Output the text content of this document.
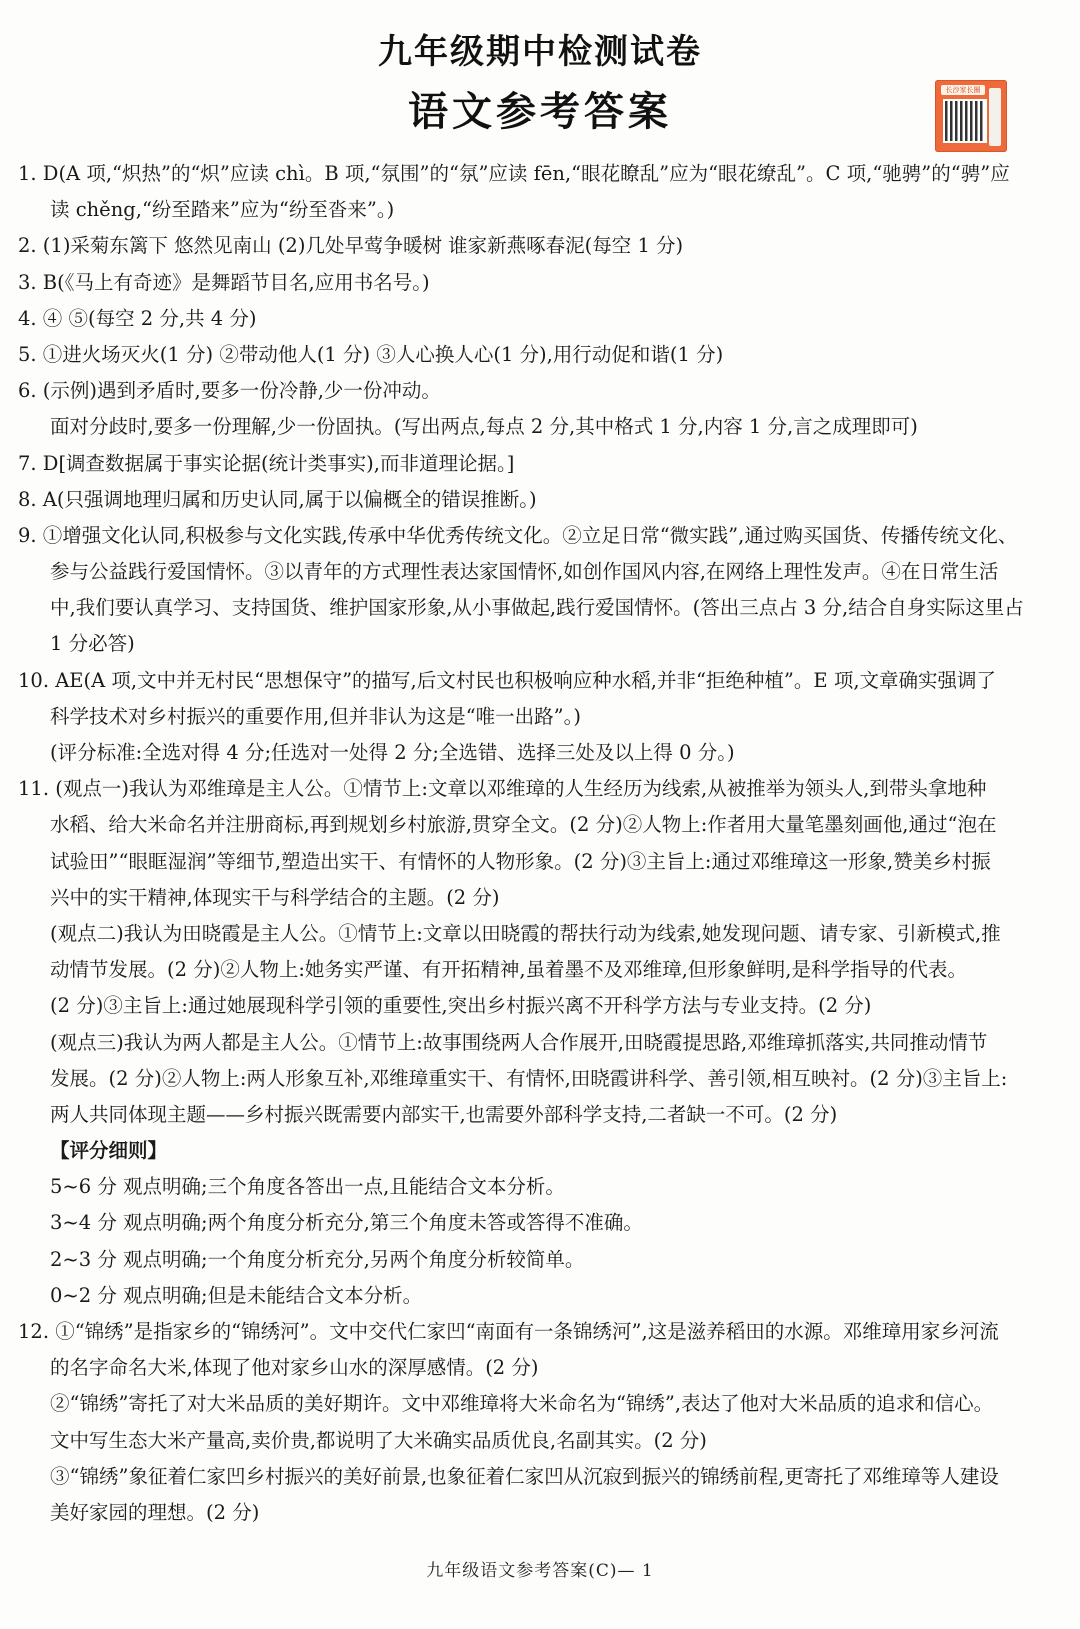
九年级期中检测试卷
语文参考答案	长沙家长圈
1. D(A 项,“炽热”的“炽”应读 chì。B 项,“氛围”的“氛”应读 fēn,“眼花瞭乱”应为“眼花缭乱”。C 项,“驰骋”的“骋”应
读 chěng,“纷至踏来”应为“纷至沓来”。)
2. (1)采菊东篱下 悠然见南山 (2)几处早莺争暖树 谁家新燕啄春泥(每空 1 分)
3. B(《马上有奇迹》是舞蹈节目名,应用书名号。)
4. ④ ⑤(每空 2 分,共 4 分)
5. ①进火场灭火(1 分) ②带动他人(1 分) ③人心换人心(1 分),用行动促和谐(1 分)
6. (示例)遇到矛盾时,要多一份冷静,少一份冲动。
面对分歧时,要多一份理解,少一份固执。(写出两点,每点 2 分,其中格式 1 分,内容 1 分,言之成理即可)
7. D[调查数据属于事实论据(统计类事实),而非道理论据。]
8. A(只强调地理归属和历史认同,属于以偏概全的错误推断。)
9. ①增强文化认同,积极参与文化实践,传承中华优秀传统文化。②立足日常“微实践”,通过购买国货、传播传统文化、
参与公益践行爱国情怀。③以青年的方式理性表达家国情怀,如创作国风内容,在网络上理性发声。④在日常生活
中,我们要认真学习、支持国货、维护国家形象,从小事做起,践行爱国情怀。(答出三点占 3 分,结合自身实际这里占
1 分必答)
10. AE(A 项,文中并无村民“思想保守”的描写,后文村民也积极响应种水稻,并非“拒绝种植”。E 项,文章确实强调了
科学技术对乡村振兴的重要作用,但并非认为这是“唯一出路”。)
(评分标准:全选对得 4 分;任选对一处得 2 分;全选错、选择三处及以上得 0 分。)
11. (观点一)我认为邓维璋是主人公。①情节上:文章以邓维璋的人生经历为线索,从被推举为领头人,到带头拿地种
水稻、给大米命名并注册商标,再到规划乡村旅游,贯穿全文。(2 分)②人物上:作者用大量笔墨刻画他,通过“泡在
试验田”“眼眶湿润”等细节,塑造出实干、有情怀的人物形象。(2 分)③主旨上:通过邓维璋这一形象,赞美乡村振
兴中的实干精神,体现实干与科学结合的主题。(2 分)
(观点二)我认为田晓霞是主人公。①情节上:文章以田晓霞的帮扶行动为线索,她发现问题、请专家、引新模式,推
动情节发展。(2 分)②人物上:她务实严谨、有开拓精神,虽着墨不及邓维璋,但形象鲜明,是科学指导的代表。
(2 分)③主旨上:通过她展现科学引领的重要性,突出乡村振兴离不开科学方法与专业支持。(2 分)
(观点三)我认为两人都是主人公。①情节上:故事围绕两人合作展开,田晓霞提思路,邓维璋抓落实,共同推动情节
发展。(2 分)②人物上:两人形象互补,邓维璋重实干、有情怀,田晓霞讲科学、善引领,相互映衬。(2 分)③主旨上:
两人共同体现主题——乡村振兴既需要内部实干,也需要外部科学支持,二者缺一不可。(2 分)
【评分细则】
5~6 分 观点明确;三个角度各答出一点,且能结合文本分析。
3~4 分 观点明确;两个角度分析充分,第三个角度未答或答得不准确。
2~3 分 观点明确;一个角度分析充分,另两个角度分析较简单。
0~2 分 观点明确;但是未能结合文本分析。
12. ①“锦绣”是指家乡的“锦绣河”。文中交代仁家凹“南面有一条锦绣河”,这是滋养稻田的水源。邓维璋用家乡河流
的名字命名大米,体现了他对家乡山水的深厚感情。(2 分)
②“锦绣”寄托了对大米品质的美好期许。文中邓维璋将大米命名为“锦绣”,表达了他对大米品质的追求和信心。
文中写生态大米产量高,卖价贵,都说明了大米确实品质优良,名副其实。(2 分)
③“锦绣”象征着仁家凹乡村振兴的美好前景,也象征着仁家凹从沉寂到振兴的锦绣前程,更寄托了邓维璋等人建设
美好家园的理想。(2 分)
九年级语文参考答案(C)— 1
